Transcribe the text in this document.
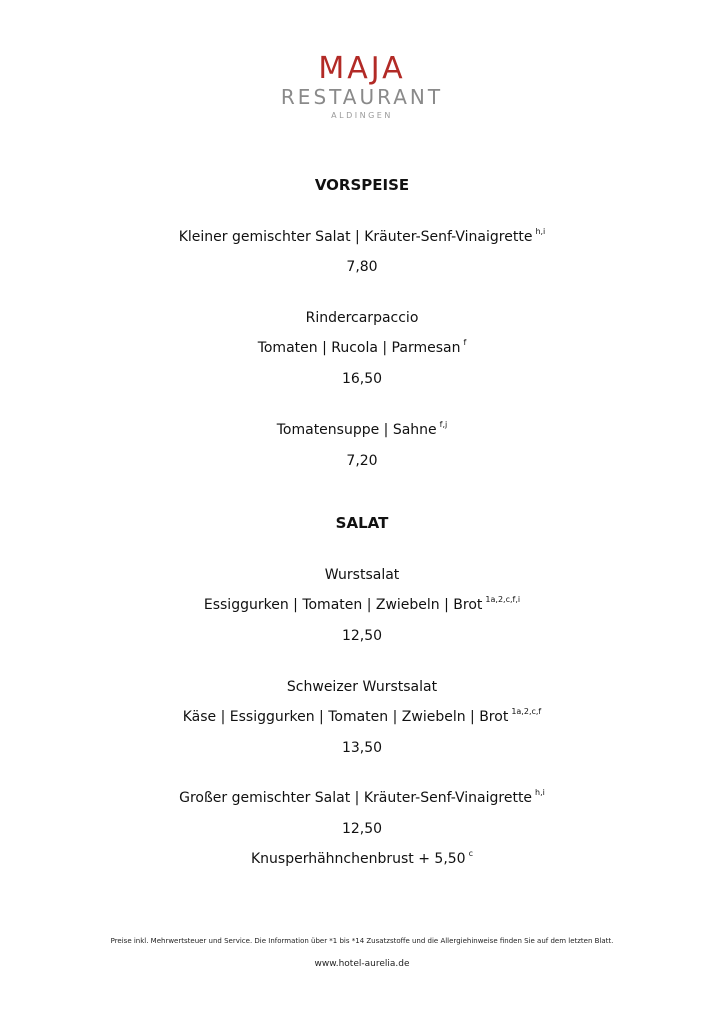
MAJA
RESTAURANT
ALDINGEN
VORSPEISE
Kleiner gemischter Salat | Kräuter-Senf-Vinaigrette $^{h,i}$
7,80
Rindercarpaccio
Tomaten | Rucola | Parmesan $^f$
16,50
Tomatensuppe | Sahne $^{f,j}$
7,20
SALAT
Wurstsalat
Essiggurken | Tomaten | Zwiebeln | Brot $^{1a,2,c,f,i}$
12,50
Schweizer Wurstsalat
Käse | Essiggurken | Tomaten | Zwiebeln | Brot $^{1a,2,c,f}$
13,50
Großer gemischter Salat | Kräuter-Senf-Vinaigrette $^{h,i}$
12,50
Knusperhähnchenbrust + 5,50 $^c$
Preise inkl. Mehrwertsteuer und Service. Die Information über *1 bis *14 Zusatzstoffe und die Allergiehinweise finden Sie auf dem letzten Blatt.
www.hotel-aurelia.de
